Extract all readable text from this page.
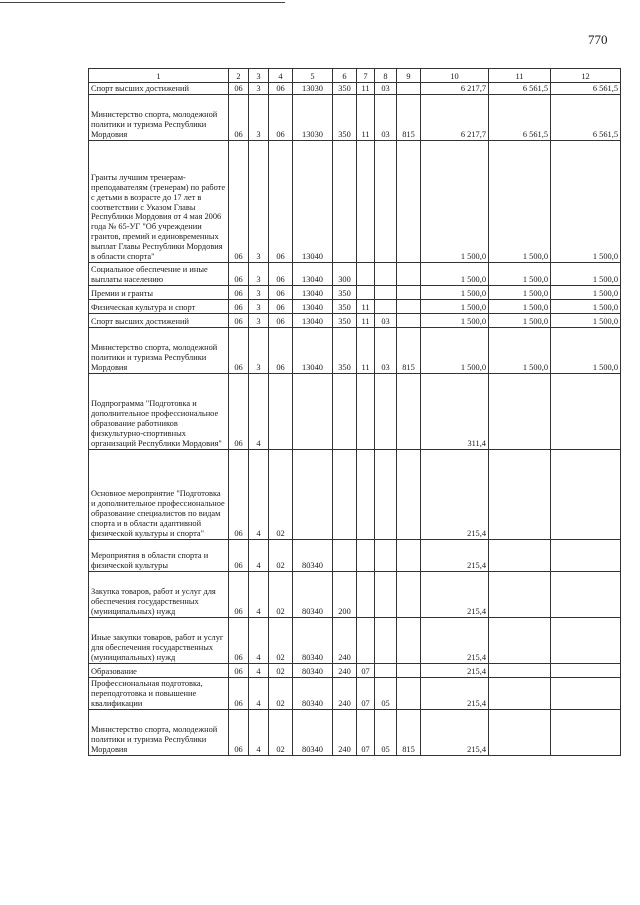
770
1	2	3	4	5	6	7	8	9	10	11	12
Спорт высших достижений	06	3	06	13030	350	11	03		6 217,7	6 561,5	6 561,5
Министерство спорта, молодежной политики и туризма Республики Мордовия	06	3	06	13030	350	11	03	815	6 217,7	6 561,5	6 561,5
Гранты лучшим тренерам-преподавателям (тренерам) по работе с детьми в возрасте до 17 лет в соответствии с Указом Главы Республики Мордовия от 4 мая 2006 года № 65-УГ "Об учреждении грантов, премий и единовременных выплат Главы Республики Мордовия в области спорта"	06	3	06	13040					1 500,0	1 500,0	1 500,0
Социальное обеспечение и иные выплаты населению	06	3	06	13040	300				1 500,0	1 500,0	1 500,0
Премии и гранты	06	3	06	13040	350				1 500,0	1 500,0	1 500,0
Физическая культура и спорт	06	3	06	13040	350	11			1 500,0	1 500,0	1 500,0
Спорт высших достижений	06	3	06	13040	350	11	03		1 500,0	1 500,0	1 500,0
Министерство спорта, молодежной политики и туризма Республики Мордовия	06	3	06	13040	350	11	03	815	1 500,0	1 500,0	1 500,0
Подпрограмма "Подготовка и дополнительное профессиональное образование работников физкультурно-спортивных организаций Республики Мордовия"	06	4							311,4		
Основное мероприятие "Подготовка и дополнительное профессиональное образование специалистов по видам спорта и в области адаптивной физической культуры и спорта"	06	4	02						215,4		
Мероприятия в области спорта и физической культуры	06	4	02	80340					215,4		
Закупка товаров, работ и услуг для обеспечения государственных (муниципальных) нужд	06	4	02	80340	200				215,4		
Иные закупки товаров, работ и услуг для обеспечения государственных (муниципальных) нужд	06	4	02	80340	240				215,4		
Образование	06	4	02	80340	240	07			215,4		
Профессиональная подготовка, переподготовка и повышение квалификации	06	4	02	80340	240	07	05		215,4		
Министерство спорта, молодежной политики и туризма Республики Мордовия	06	4	02	80340	240	07	05	815	215,4		
